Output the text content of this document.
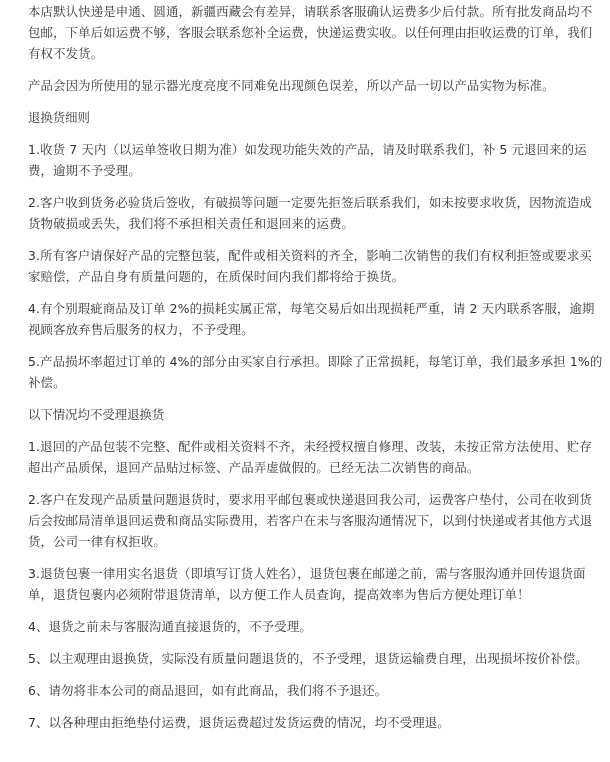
本店默认快递是申通、圆通，新疆西藏会有差异，请联系客服确认运费多少后付款。所有批发商品均不包邮，下单后如运费不够，客服会联系您补全运费，快递运费实收。以任何理由拒收运费的订单，我们有权不发货。

产品会因为所使用的显示器光度亮度不同难免出现颜色误差，所以产品一切以产品实物为标准。

退换货细则

1.收货 7 天内（以运单签收日期为准）如发现功能失效的产品，请及时联系我们，补 5 元退回来的运费，逾期不予受理。

2.客户收到货务必验货后签收，有破损等问题一定要先拒签后联系我们，如未按要求收货，因物流造成货物破损或丢失，我们将不承担相关责任和退回来的运费。

3.所有客户请保好产品的完整包装，配件或相关资料的齐全，影响二次销售的我们有权利拒签或要求买家赔偿，产品自身有质量问题的，在质保时间内我们都将给于换货。

4.有个别瑕疵商品及订单 2%的损耗实属正常，每笔交易后如出现损耗严重，请 2 天内联系客服，逾期视顾客放弃售后服务的权力，不予受理。

5.产品损坏率超过订单的 4%的部分由买家自行承担。即除了正常损耗，每笔订单，我们最多承担 1%的补偿。

以下情况均不受理退换货

1.退回的产品包装不完整、配件或相关资料不齐，未经授权擅自修理、改装，未按正常方法使用、贮存超出产品质保，退回产品贴过标签、产品弄虚做假的。已经无法二次销售的商品。

2.客户在发现产品质量问题退货时，要求用平邮包裹或快递退回我公司，运费客户垫付，公司在收到货后会按邮局清单退回运费和商品实际费用，若客户在未与客服沟通情况下，以到付快递或者其他方式退货，公司一律有权拒收。

3.退货包裹一律用实名退货（即填写订货人姓名），退货包裹在邮递之前，需与客服沟通并回传退货面单，退货包裹内必须附带退货清单，以方便工作人员查询，提高效率为售后方便处理订单！

4、退货之前未与客服沟通直接退货的，不予受理。

5、以主观理由退换货，实际没有质量问题退货的，不予受理，退货运输费自理，出现损坏按价补偿。

6、请勿将非本公司的商品退回，如有此商品，我们将不予退还。

7、以各种理由拒绝垫付运费，退货运费超过发货运费的情况，均不受理退。
